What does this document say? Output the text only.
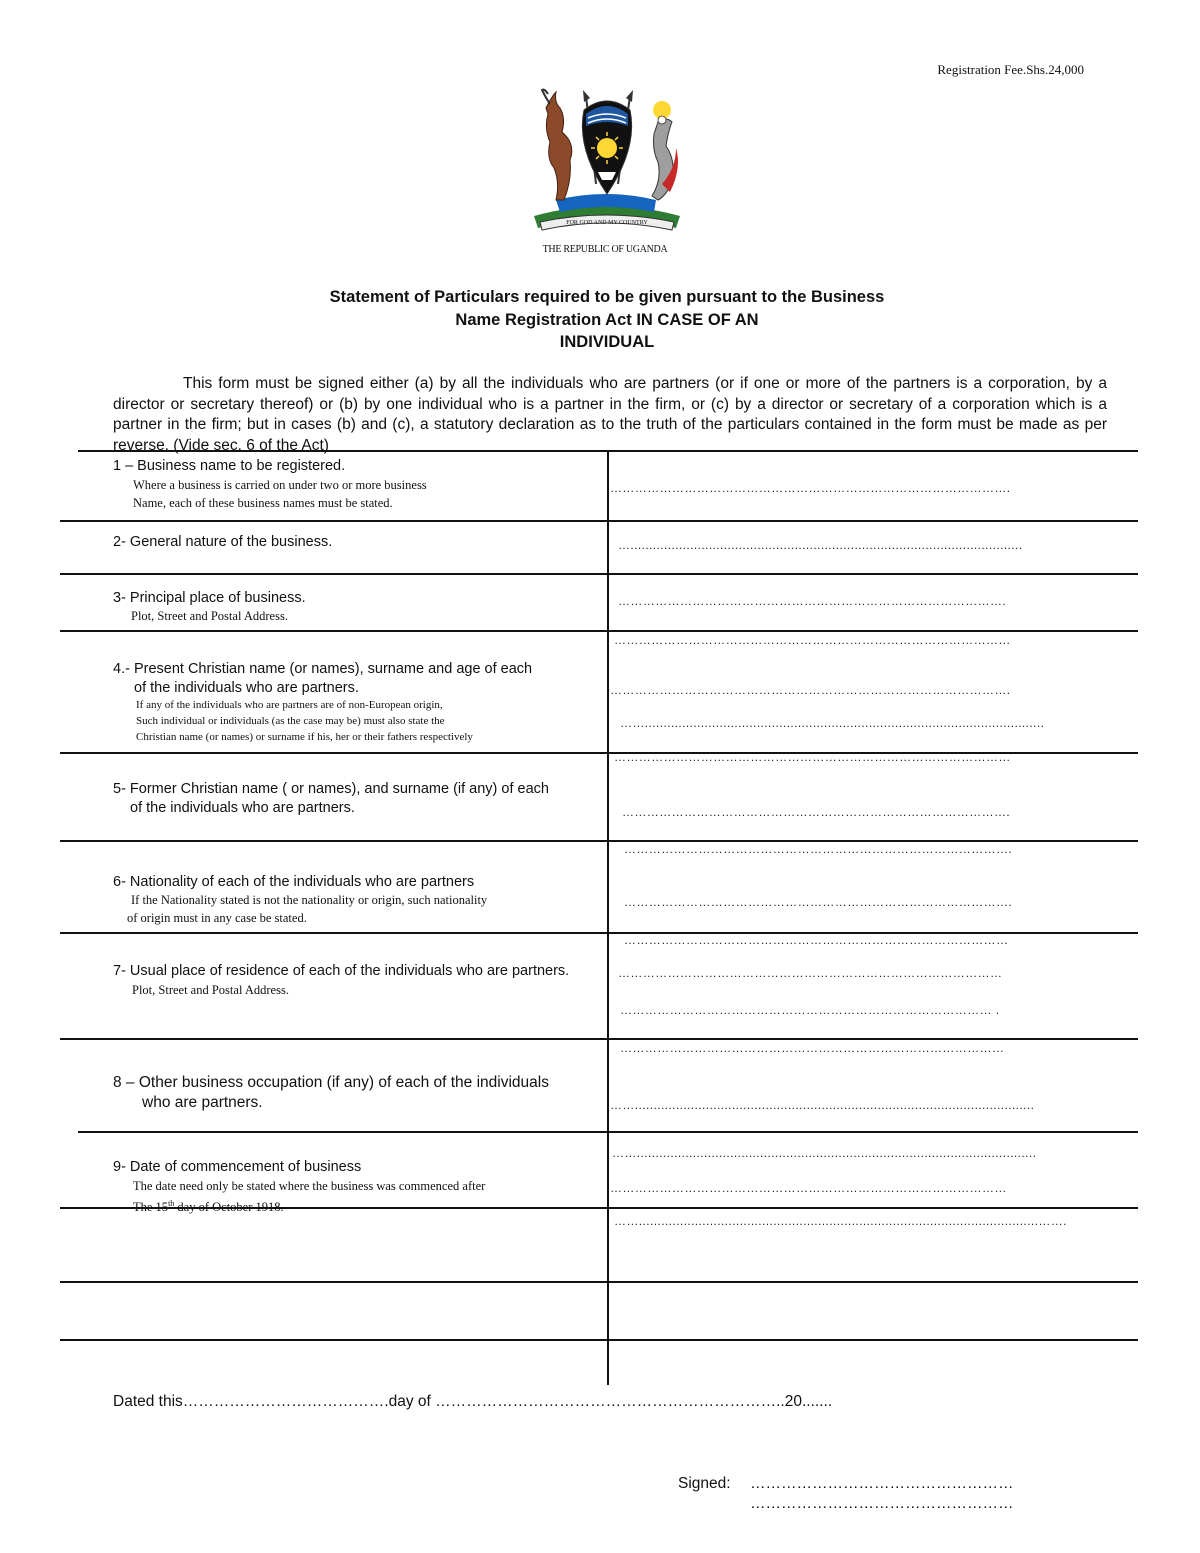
Registration Fee.Shs.24,000
FOR GOD AND MY COUNTRY
THE REPUBLIC OF UGANDA
Statement of Particulars required to be given pursuant to the Business
Name Registration Act IN CASE OF AN
INDIVIDUAL
This form must be signed either (a) by all the individuals who are partners (or if one or more of the partners is a corporation, by a director or secretary thereof) or (b) by one individual who is a partner in the firm, or (c) by a director or secretary of a corporation which is a partner in the firm; but in cases (b) and (c), a statutory declaration as to the truth of the particulars contained in the form must be made as per reverse. (Vide sec. 6 of the Act)
1 – Business name to be registered.
Where a business is carried on under two or more business
Name, each of these business names must be stated.
…………………………………………………………………………………….
2- General nature of the business.	….........................................................................................................
3- Principal place of business.
Plot, Street and Postal Address.
………………………………………………………………………………….
……………………………………………………………………………………
4.- Present Christian name (or names), surname and age of each
of the individuals who are partners.
If any of the individuals who are partners are of non-European origin,
Such individual or individuals (as the case may be) must also state the
Christian name (or names) or surname if his, her or their fathers respectively
…………………………………………………………………………………….
……...........................................................................................................
……………………………………………………………………………………
5- Former Christian name ( or names), and surname (if any) of each
of the individuals who are partners.	………………………………………………………………………………….
………………………………………………………………………………….
6- Nationality of each of the individuals who are partners
If the Nationality stated is not the nationality or origin, such nationality
of origin must in any case be stated.
………………………………………………………………………………….
…………………………………………………………………………………
7- Usual place of residence of each of the individuals who are partners.
Plot, Street and Postal Address.
…………………………………………………………………………………
……………………………………………………………………………… .
…………………………………………………………………………………
8 – Other business occupation (if any) of each of the individuals
who are partners.	……...........................................................................................................
……...........................................................................................................
9- Date of commencement of business
The date need only be stated where the business was commenced after
The 15th day of October 1918.
……………………………………………………………………………………
……...........................................................................................................…….
Dated this………………………………….day of …………………………………………………………..20.......
Signed: ……………………………………………
……………………………………………
